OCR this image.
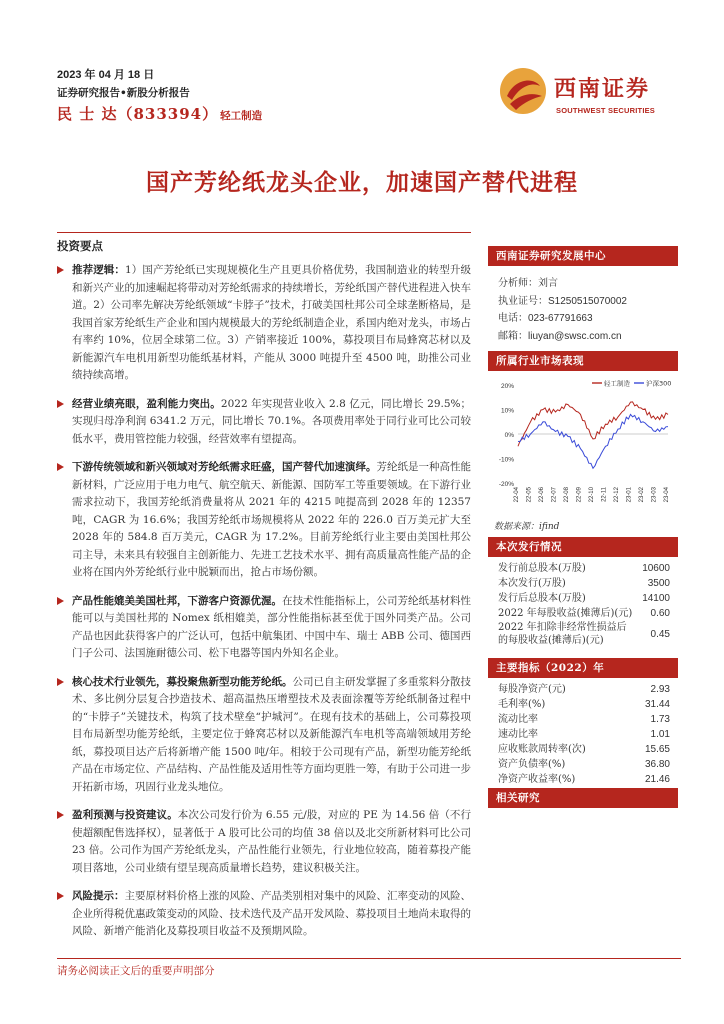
2023 年 04 月 18 日
证券研究报告•新股分析报告
民 士 达（833394） 轻工制造
西南证券
SOUTHWEST SECURITIES
国产芳纶纸龙头企业，加速国产替代进程
投资要点
推荐逻辑：1）国产芳纶纸已实现规模化生产且更具价格优势，我国制造业的转型升级和新兴产业的加速崛起将带动对芳纶纸需求的持续增长，芳纶纸国产替代进程进入快车道。2）公司率先解决芳纶纸领域“卡脖子”技术，打破美国杜邦公司全球垄断格局，是我国首家芳纶纸生产企业和国内规模最大的芳纶纸制造企业，系国内绝对龙头，市场占有率约 10%，位居全球第二位。3）产销率接近 100%，募投项目布局蜂窝芯材以及新能源汽车电机用新型功能纸基材料，产能从 3000 吨提升至 4500 吨，助推公司业绩持续高增。
经营业绩亮眼，盈利能力突出。2022 年实现营业收入 2.8 亿元，同比增长 29.5%；实现归母净利润 6341.2 万元，同比增长 70.1%。各项费用率处于同行业可比公司较低水平，费用管控能力较强，经营效率有望提高。
下游传统领域和新兴领域对芳纶纸需求旺盛，国产替代加速演绎。芳纶纸是一种高性能新材料，广泛应用于电力电气、航空航天、新能源、国防军工等重要领域。在下游行业需求拉动下，我国芳纶纸消费量将从 2021 年的 4215 吨提高到 2028 年的 12357 吨，CAGR 为 16.6%；我国芳纶纸市场规模将从 2022 年的 226.0 百万美元扩大至 2028 年的 584.8 百万美元，CAGR 为 17.2%。目前芳纶纸行业主要由美国杜邦公司主导，未来具有较强自主创新能力、先进工艺技术水平、拥有高质量高性能产品的企业将在国内外芳纶纸行业中脱颖而出，抢占市场份额。
产品性能媲美美国杜邦，下游客户资源优渥。在技术性能指标上，公司芳纶纸基材料性能可以与美国杜邦的 Nomex 纸相媲美，部分性能指标甚至优于国外同类产品。公司产品也因此获得客户的广泛认可，包括中航集团、中国中车、瑞士 ABB 公司、德国西门子公司、法国施耐德公司、松下电器等国内外知名企业。
核心技术行业领先，募投聚焦新型功能芳纶纸。公司已自主研发掌握了多重浆料分散技术、多比例分层复合抄造技术、超高温热压增塑技术及表面涂覆等芳纶纸制备过程中的“卡脖子”关键技术，构筑了技术壁垒“护城河”。在现有技术的基础上，公司募投项目布局新型功能芳纶纸，主要定位于蜂窝芯材以及新能源汽车电机等高端领域用芳纶纸，募投项目达产后将新增产能 1500 吨/年。相较于公司现有产品，新型功能芳纶纸产品在市场定位、产品结构、产品性能及适用性等方面均更胜一筹，有助于公司进一步开拓新市场，巩固行业龙头地位。
盈利预测与投资建议。本次公司发行价为 6.55 元/股，对应的 PE 为 14.56 倍（不行使超额配售选择权），显著低于 A 股可比公司的均值 38 倍以及北交所新材料可比公司 23 倍。公司作为国产芳纶纸龙头，产品性能行业领先，行业地位较高，随着募投产能项目落地，公司业绩有望呈现高质量增长趋势，建议积极关注。
风险提示：主要原材料价格上涨的风险、产品类别相对集中的风险、汇率变动的风险、企业所得税优惠政策变动的风险、技术迭代及产品开发风险、募投项目土地尚未取得的风险、新增产能消化及募投项目收益不及预期风险。
西南证券研究发展中心
分析师：刘言
执业证号：S1250515070002
电话：023-67791663
邮箱：liuyan@swsc.com.cn
所属行业市场表现
20%
10%
0%
-10%
-20%
22-04 22-05 22-06 22-07 22-08 22-09 22-10 22-11 22-12 23-01 23-02 23-03 23-04
轻工制造 沪深300
数据来源：ifind
本次发行情况
发行前总股本(万股)	10600
本次发行(万股)	3500
发行后总股本(万股)	14100
2022 年每股收益(摊薄后)(元) 0.60
2022 年扣除非经常性损益后的每股收益(摊薄后)(元)
0.45
主要指标（2022）年
每股净资产(元)	2.93
毛利率(%)	31.44
流动比率	1.73
速动比率	1.01
应收账款周转率(次)	15.65
资产负债率(%)	36.80
净资产收益率(%)	21.46
相关研究
请务必阅读正文后的重要声明部分
